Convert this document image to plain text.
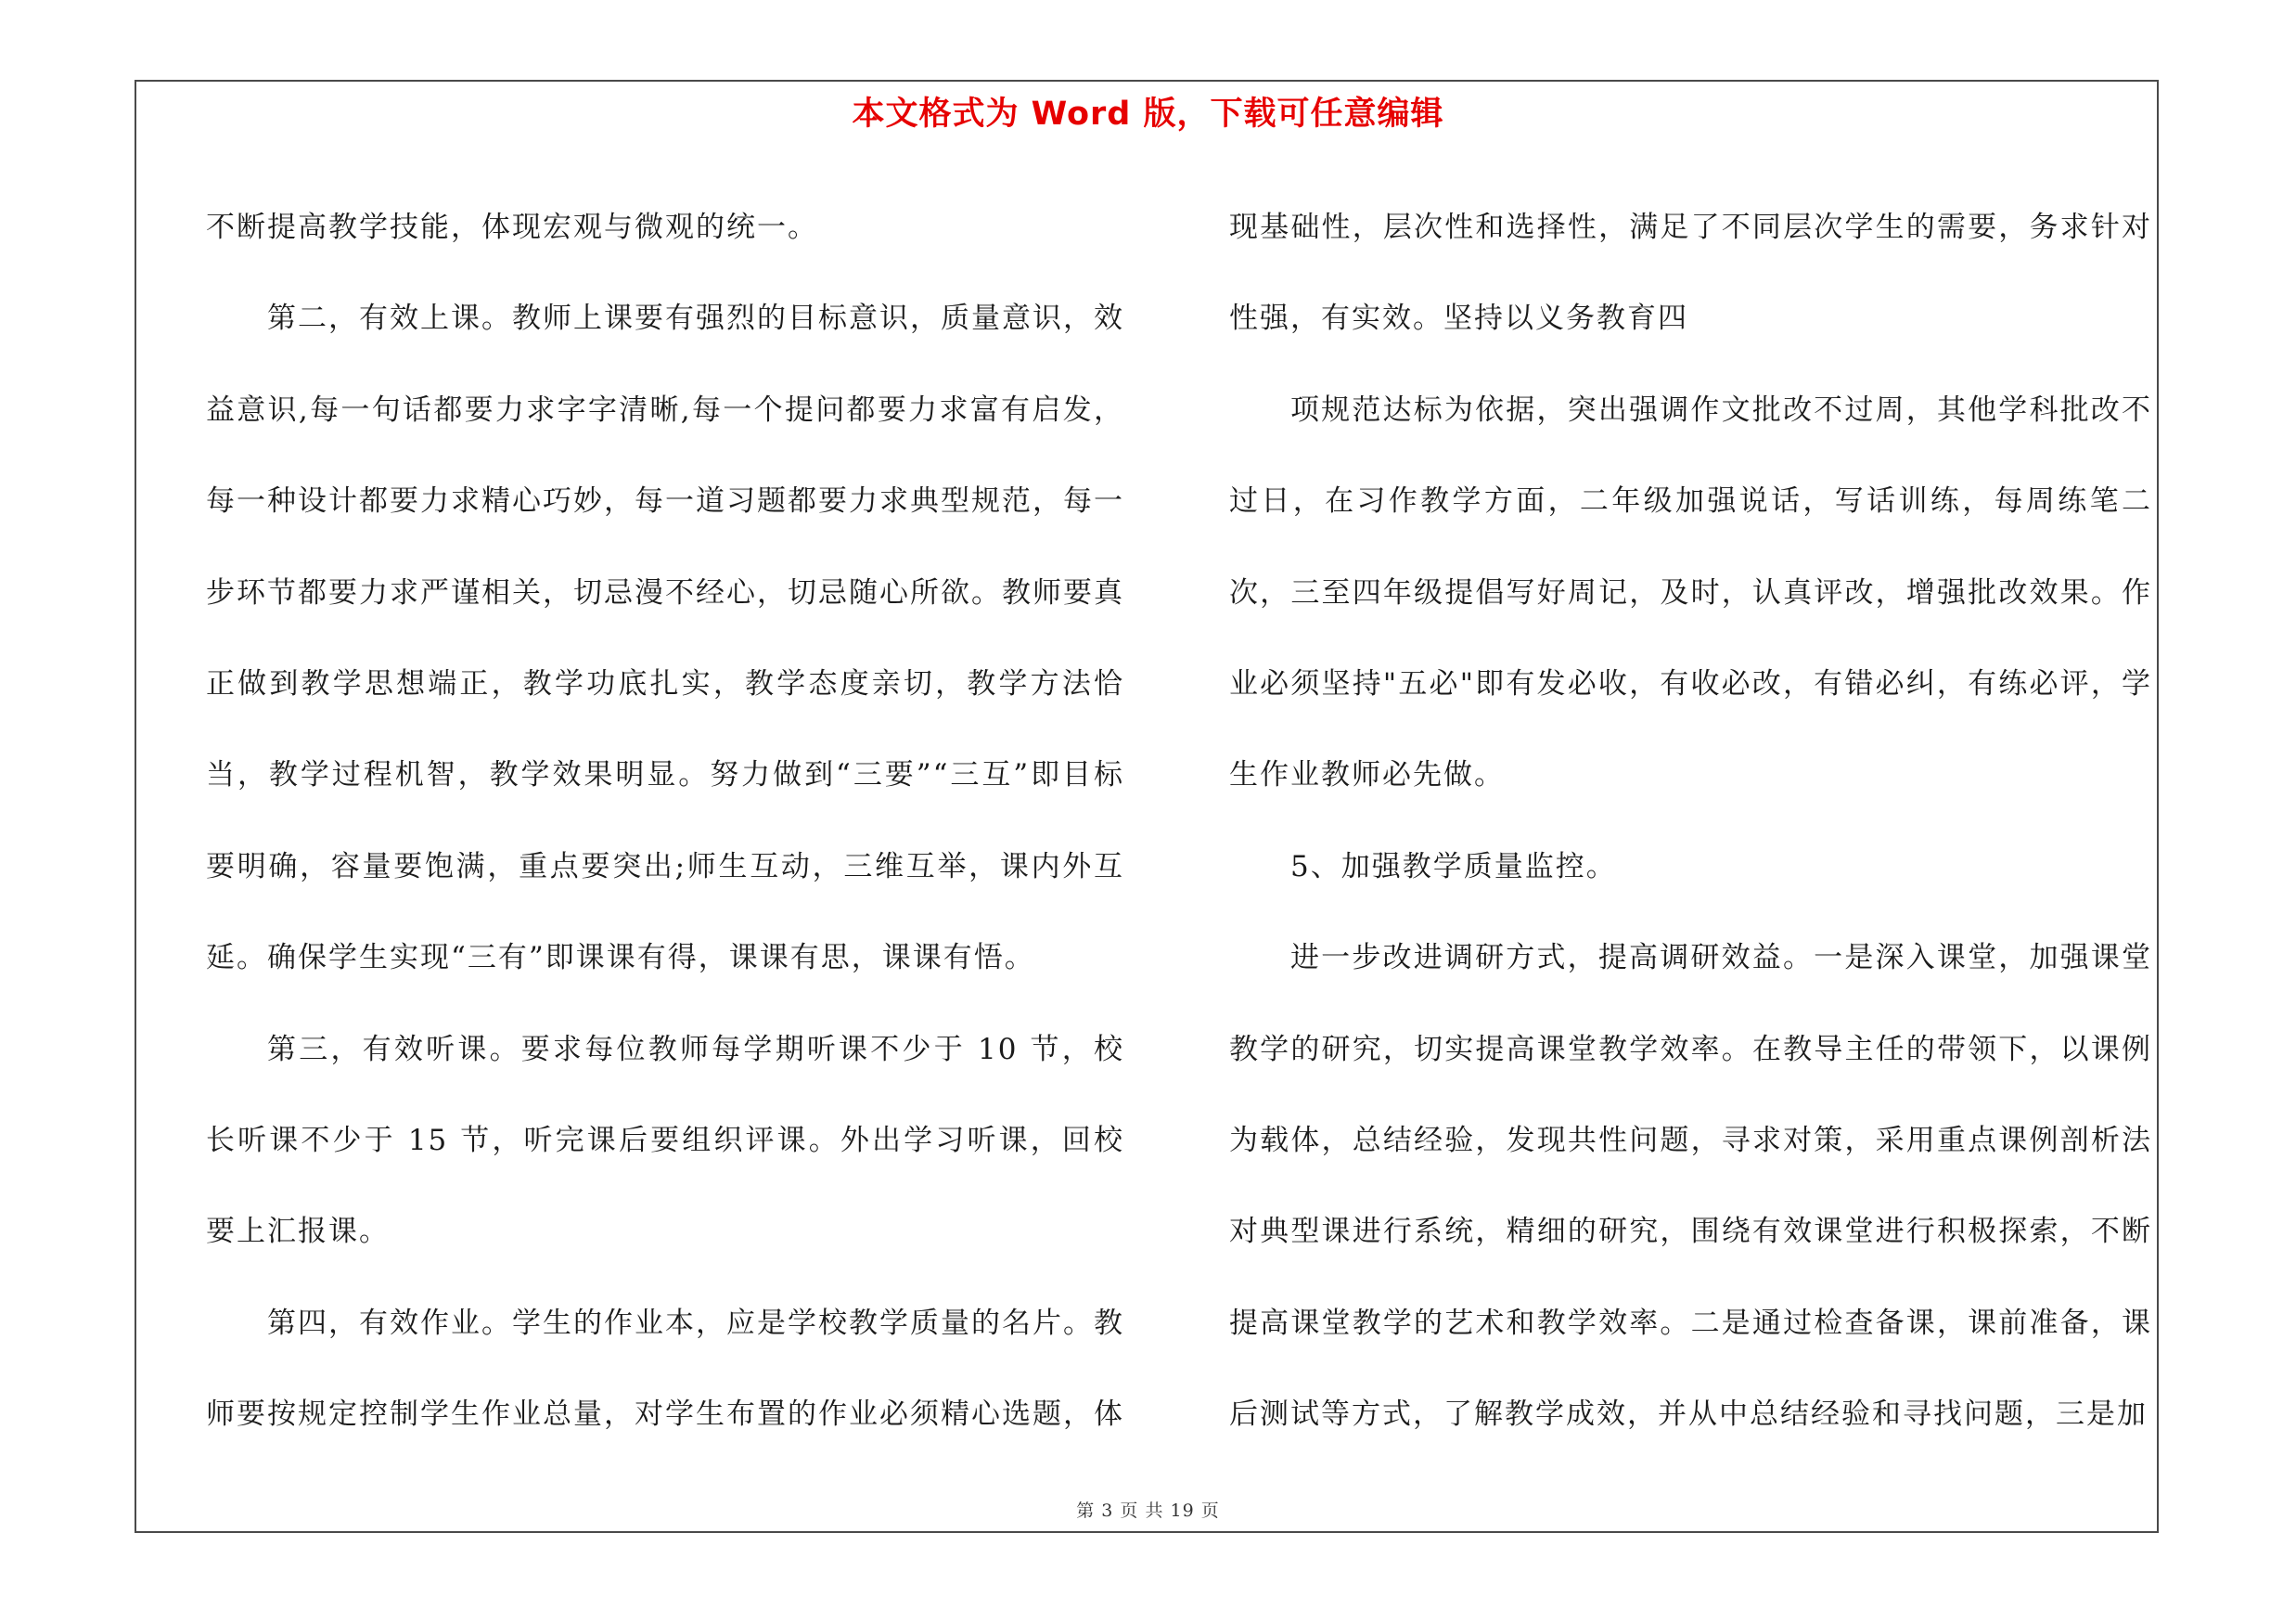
本文格式为 Word 版，下载可任意编辑

不断提高教学技能，体现宏观与微观的统一。

第二，有效上课。教师上课要有强烈的目标意识，质量意识，效益意识,每一句话都要力求字字清晰,每一个提问都要力求富有启发，每一种设计都要力求精心巧妙，每一道习题都要力求典型规范，每一步环节都要力求严谨相关，切忌漫不经心，切忌随心所欲。教师要真正做到教学思想端正，教学功底扎实，教学态度亲切，教学方法恰当，教学过程机智，教学效果明显。努力做到“三要”“三互”即目标要明确，容量要饱满，重点要突出;师生互动，三维互举，课内外互延。确保学生实现“三有”即课课有得，课课有思，课课有悟。

第三，有效听课。要求每位教师每学期听课不少于 10 节，校长听课不少于 15 节，听完课后要组织评课。外出学习听课，回校要上汇报课。

第四，有效作业。学生的作业本，应是学校教学质量的名片。教师要按规定控制学生作业总量，对学生布置的作业必须精心选题，体

现基础性，层次性和选择性，满足了不同层次学生的需要，务求针对性强，有实效。坚持以义务教育四

项规范达标为依据，突出强调作文批改不过周，其他学科批改不过日，在习作教学方面，二年级加强说话，写话训练，每周练笔二次，三至四年级提倡写好周记，及时，认真评改，增强批改效果。作业必须坚持"五必"即有发必收，有收必改，有错必纠，有练必评，学生作业教师必先做。

5、加强教学质量监控。

进一步改进调研方式，提高调研效益。一是深入课堂，加强课堂教学的研究，切实提高课堂教学效率。在教导主任的带领下，以课例为载体，总结经验，发现共性问题，寻求对策，采用重点课例剖析法对典型课进行系统，精细的研究，围绕有效课堂进行积极探索，不断提高课堂教学的艺术和教学效率。二是通过检查备课，课前准备，课后测试等方式，了解教学成效，并从中总结经验和寻找问题，三是加

第 3 页 共 19 页
